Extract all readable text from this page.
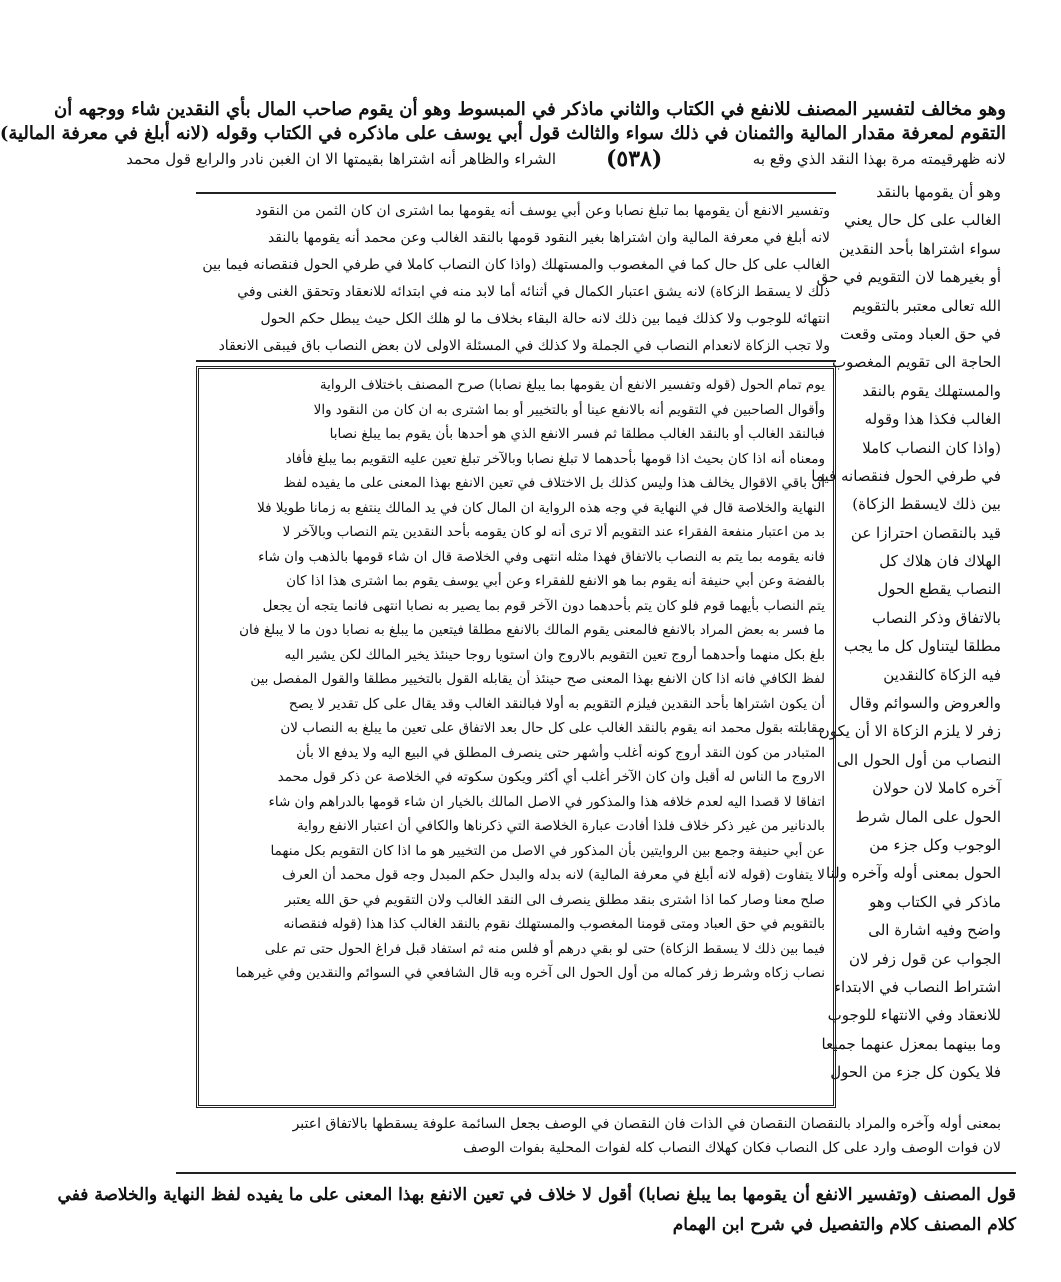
وهو مخالف لتفسير المصنف للانفع في الكتاب والثاني ماذكر في المبسوط وهو أن يقوم صاحب المال بأي النقدين شاء ووجهه أن
التقوم لمعرفة مقدار المالية والثمنان في ذلك سواء والثالث قول أبي يوسف على ماذكره في الكتاب وقوله (لانه أبلغ في معرفة المالية)
لانه ظهرقيمته مرة بهذا النقد الذي وقع به
(٥٣٨)
الشراء والظاهر أنه اشتراها بقيمتها الا ان الغبن نادر والرابع قول محمد
وهو أن يقومها بالنقد
الغالب على كل حال يعني
سواء اشتراها بأحد النقدين
أو بغيرهما لان التقويم في حق
الله تعالى معتبر بالتقويم
في حق العباد ومتى وقعت
الحاجة الى تقويم المغصوب
والمستهلك يقوم بالنقد
الغالب فكذا هذا وقوله
(واذا كان النصاب كاملا
في طرفي الحول فنقصانه فيما
بين ذلك لايسقط الزكاة)
قيد بالنقصان احترازا عن
الهلاك فان هلاك كل
النصاب يقطع الحول
بالاتفاق وذكر النصاب
مطلقا ليتناول كل ما يجب
فيه الزكاة كالنقدين
والعروض والسوائم وقال
زفر لا يلزم الزكاة الا أن يكون
النصاب من أول الحول الى
آخره كاملا لان حولان
الحول على المال شرط
الوجوب وكل جزء من
الحول بمعنى أوله وآخره ولنا
ماذكر في الكتاب وهو
واضح وفيه اشارة الى
الجواب عن قول زفر لان
اشتراط النصاب في الابتداء
للانعقاد وفي الانتهاء للوجوب
وما بينهما بمعزل عنهما جميعا
فلا يكون كل جزء من الحول
وتفسير الانفع أن يقومها بما تبلغ نصابا وعن أبي يوسف أنه يقومها بما اشترى ان كان الثمن من النقود
لانه أبلغ في معرفة المالية وان اشتراها بغير النقود قومها بالنقد الغالب وعن محمد أنه يقومها بالنقد
الغالب على كل حال كما في المغصوب والمستهلك (واذا كان النصاب كاملا في طرفي الحول فنقصانه فيما بين
ذلك لا يسقط الزكاة) لانه يشق اعتبار الكمال في أثنائه أما لابد منه في ابتدائه للانعقاد وتحقق الغنى وفي
انتهائه للوجوب ولا كذلك فيما بين ذلك لانه حالة البقاء بخلاف ما لو هلك الكل حيث يبطل حكم الحول
ولا تجب الزكاة لانعدام النصاب في الجملة ولا كذلك في المسئلة الاولى لان بعض النصاب باق فيبقى الانعقاد
يوم تمام الحول (قوله وتفسير الانفع أن يقومها بما يبلغ نصابا) صرح المصنف باختلاف الرواية
وأقوال الصاحبين في التقويم أنه بالانفع عينا أو بالتخيير أو بما اشترى به ان كان من النقود والا
فبالنقد الغالب أو بالنقد الغالب مطلقا ثم فسر الانفع الذي هو أحدها بأن يقوم بما يبلغ نصابا
ومعناه أنه اذا كان بحيث اذا قومها بأحدهما لا تبلغ نصابا وبالآخر تبلغ تعين عليه التقويم بما يبلغ فأفاد
أن باقي الاقوال يخالف هذا وليس كذلك بل الاختلاف في تعين الانفع بهذا المعنى على ما يفيده لفظ
النهاية والخلاصة قال في النهاية في وجه هذه الرواية ان المال كان في يد المالك ينتفع به زمانا طويلا فلا
بد من اعتبار منفعة الفقراء عند التقويم ألا ترى أنه لو كان يقومه بأحد النقدين يتم النصاب وبالآخر لا
فانه يقومه بما يتم به النصاب بالاتفاق فهذا مثله انتهى وفي الخلاصة قال ان شاء قومها بالذهب وان شاء
بالفضة وعن أبي حنيفة أنه يقوم بما هو الانفع للفقراء وعن أبي يوسف يقوم بما اشترى هذا اذا كان
يتم النصاب بأيهما قوم فلو كان يتم بأحدهما دون الآخر قوم بما يصير به نصابا انتهى فانما يتجه أن يجعل
ما فسر به بعض المراد بالانفع فالمعنى يقوم المالك بالانفع مطلقا فيتعين ما يبلغ به نصابا دون ما لا يبلغ فان
بلغ بكل منهما وأحدهما أروج تعين التقويم بالاروج وان استويا روجا حينئذ يخير المالك لكن يشير اليه
لفظ الكافي فانه اذا كان الانفع بهذا المعنى صح حينئذ أن يقابله القول بالتخيير مطلقا والقول المفصل بين
أن يكون اشتراها بأحد النقدين فيلزم التقويم به أولا فبالنقد الغالب وقد يقال على كل تقدير لا يصح
مقابلته بقول محمد انه يقوم بالنقد الغالب على كل حال بعد الاتفاق على تعين ما يبلغ به النصاب لان
المتبادر من كون النقد أروج كونه أغلب وأشهر حتى ينصرف المطلق في البيع اليه ولا يدفع الا بأن
الاروج ما الناس له أقبل وان كان الآخر أغلب أي أكثر ويكون سكوته في الخلاصة عن ذكر قول محمد
اتفاقا لا قصدا اليه لعدم خلافه هذا والمذكور في الاصل المالك بالخيار ان شاء قومها بالدراهم وان شاء
بالدنانير من غير ذكر خلاف فلذا أفادت عبارة الخلاصة التي ذكرناها والكافي أن اعتبار الانفع رواية
عن أبي حنيفة وجمع بين الروايتين بأن المذكور في الاصل من التخيير هو ما اذا كان التقويم بكل منهما
لا يتفاوت (قوله لانه أبلغ في معرفة المالية) لانه بدله والبدل حكم المبدل وجه قول محمد أن العرف
صلح معنا وصار كما اذا اشترى بنقد مطلق ينصرف الى النقد الغالب ولان التقويم في حق الله يعتبر
بالتقويم في حق العباد ومتى قومنا المغصوب والمستهلك نقوم بالنقد الغالب كذا هذا (قوله فنقصانه
فيما بين ذلك لا يسقط الزكاة) حتى لو بقي درهم أو فلس منه ثم استفاد قبل فراغ الحول حتى تم على
نصاب زكاه وشرط زفر كماله من أول الحول الى آخره وبه قال الشافعي في السوائم والنقدين وفي غيرهما
بمعنى أوله وآخره والمراد بالنقصان النقصان في الذات فان النقصان في الوصف بجعل السائمة علوفة يسقطها بالاتفاق اعتبر
لان فوات الوصف وارد على كل النصاب فكان كهلاك النصاب كله لفوات المحلية بفوات الوصف
قول المصنف (وتفسير الانفع أن يقومها بما يبلغ نصابا) أقول لا خلاف في تعين الانفع بهذا المعنى على ما يفيده لفظ النهاية والخلاصة ففي
كلام المصنف كلام والتفصيل في شرح ابن الهمام
